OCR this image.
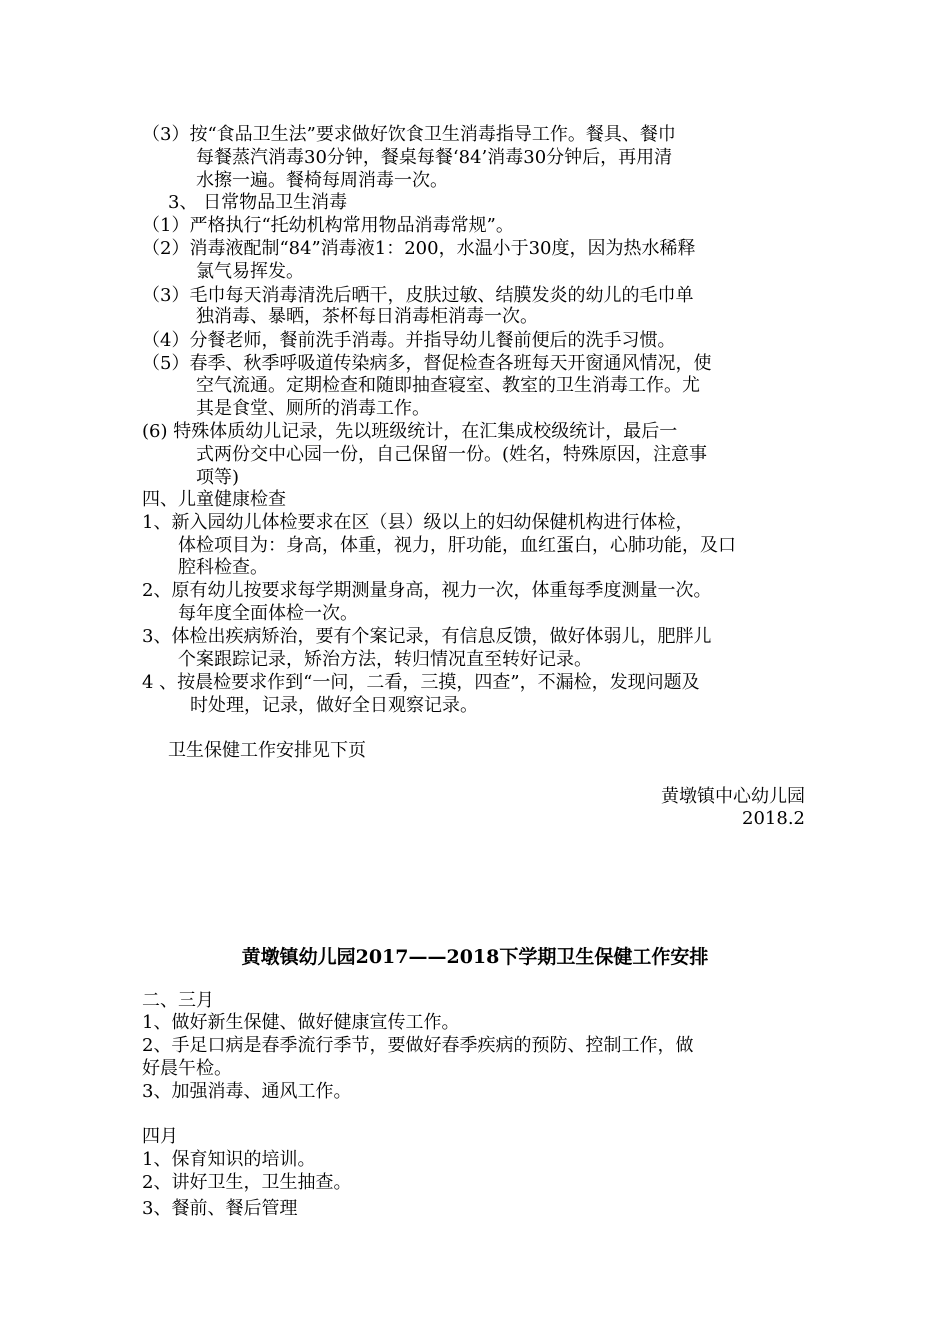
（3）按“食品卫生法”要求做好饮食卫生消毒指导工作。餐具、餐巾
每餐蒸汽消毒30分钟，餐桌每餐‘84’消毒30分钟后，再用清
水擦一遍。餐椅每周消毒一次。
3、 日常物品卫生消毒
（1）严格执行“托幼机构常用物品消毒常规”。
（2）消毒液配制“84”消毒液1：200，水温小于30度，因为热水稀释
氯气易挥发。
（3）毛巾每天消毒清洗后晒干，皮肤过敏、结膜发炎的幼儿的毛巾单
独消毒、暴晒，茶杯每日消毒柜消毒一次。
（4）分餐老师，餐前洗手消毒。并指导幼儿餐前便后的洗手习惯。
（5）春季、秋季呼吸道传染病多，督促检查各班每天开窗通风情况，使
空气流通。定期检查和随即抽查寝室、教室的卫生消毒工作。尤
其是食堂、厕所的消毒工作。
(6) 特殊体质幼儿记录，先以班级统计，在汇集成校级统计，最后一
式两份交中心园一份，自己保留一份。(姓名，特殊原因，注意事
项等)
四、儿童健康检查
1、新入园幼儿体检要求在区（县）级以上的妇幼保健机构进行体检，
体检项目为：身高，体重，视力，肝功能，血红蛋白，心肺功能，及口
腔科检查。
2、原有幼儿按要求每学期测量身高，视力一次，体重每季度测量一次。
每年度全面体检一次。
3、体检出疾病矫治，要有个案记录，有信息反馈，做好体弱儿，肥胖儿
个案跟踪记录，矫治方法，转归情况直至转好记录。
4 、按晨检要求作到“一问，二看，三摸，四查”，不漏检，发现问题及
时处理，记录，做好全日观察记录。
卫生保健工作安排见下页
黄墩镇中心幼儿园
2018.2
黄墩镇幼儿园2017——2018下学期卫生保健工作安排
二、三月
1、做好新生保健、做好健康宣传工作。
2、手足口病是春季流行季节，要做好春季疾病的预防、控制工作，做
好晨午检。
3、加强消毒、通风工作。
四月
1、保育知识的培训。
2、讲好卫生，卫生抽查。
3、餐前、餐后管理
